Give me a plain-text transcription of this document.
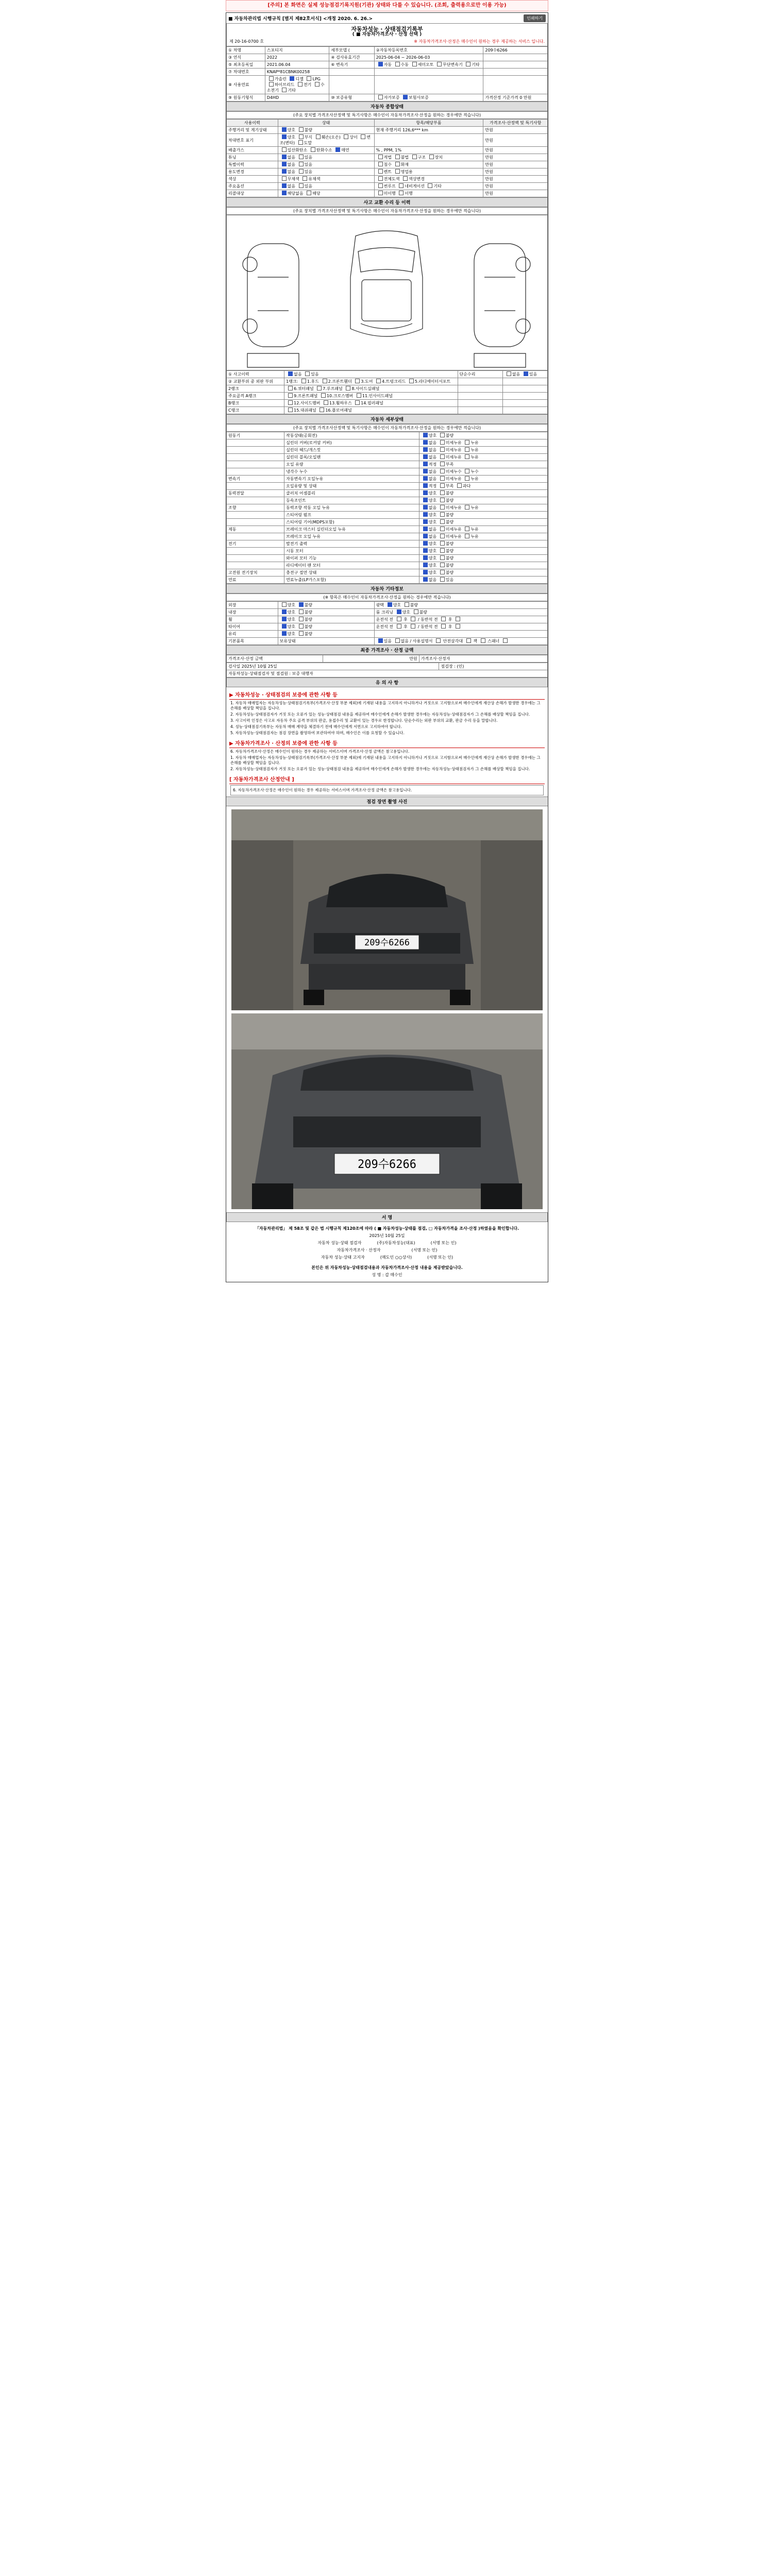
[주의] 본 화면은 실제 성능점검기록지원(기관) 상태와 다를 수 있습니다. (조회, 출력용으로만 이용 가능)
■ 자동차관리법 시행규칙 [별지 제82호서식] <개정 2020. 6. 26.>	인쇄하기
자동차성능 · 상태점검기록부
( ■ 자동차가격조사 · 산정 선택 )
제 20-16-0700 호	※ 자동차가격조사·산정은 매수인이 원하는 경우 제공하는 서비스 입니다.
① 차명	스포티지	세부모델 (	②자동차등록번호	209수6266
③ 연식	2022	④ 검사유효기간	2025-06-04 ~ 2026-06-03	
⑤ 최초등록일	2021.06.04	⑥ 변속기	자동 수동 세미오토 무단변속기 기타	
⑦ 차대번호	KNAP*81CBNK00258			
⑧ 사용연료	가솔린 디젤 LPG 하이브리드 전기 수소전기 기타			
⑨ 원동기형식	D4HD	⑩ 보증유형	자가보증 보험사보증	가격산정 기준가격 0 만원
자동차 종합상태
(주요 장치별 가격조사산정액 및 특기사항은 매수인이 자동차가격조사·산정을 원하는 경우에만 적습니다)
사용이력	상태	항목/해당부품	가격조사·산정액 및 특기사항
주행거리 및 계기상태	양호 불량	현재 주행거리 126,6*** km	만원
차대번호 표기	양호 부식 훼손(오손) 상이 변조(변타) 도말		만원
배출가스	일산화탄소 탄화수소 매연	% , PPM, 1%	만원
튜닝	없음 있음	적법 불법 구조 장치	만원
특별이력	없음 있음	침수 화재	만원
용도변경	없음 있음	렌트 영업용	만원
색상	무채색 유채색	전체도색 색상변경	만원
주요옵션	없음 있음	썬루프 네비게이션 기타	만원
리콜대상	해당없음 해당	미이행 이행	만원
사고 교환 수리 등 이력
(주요 장치별 가격조사산정액 및 특기사항은 매수인이 자동차가격조사·산정을 원하는 경우에만 적습니다)
① 사고이력	없음 있음	단순수리	없음 있음
② 교환부위 중 외판 부위	1랭크: 1.후드 2.프론트휀더 3.도어 4.트렁크리드 5.라디에이터서포트		
2랭크	6.쿼터패널 7.루프패널 8.사이드실패널		
주요골격 A랭크	9.프론트패널 10.크로스멤버 11.인사이드패널		
B랭크	12.사이드멤버 13.휠하우스 14.필러패널		
C랭크	15.대쉬패널 16.플로어패널		
자동차 세부상태
(주요 장치별 가격조사산정액 및 특기사항은 매수인이 자동차가격조사·산정을 원하는 경우에만 적습니다)
원동기	작동상태(공회전)	양호 불량
	실린더 커버(로커암 커버)	없음 미세누유 누유
	실린더 헤드/개스킷	없음 미세누유 누유
	실린더 블록/오일팬	없음 미세누유 누유
	오일 유량	적정 부족
	냉각수 누수	없음 미세누수 누수
변속기	자동변속기 오일누유	없음 미세누유 누유
	오일유량 및 상태	적정 부족 과다
동력전달	클러치 어셈블리	양호 불량
	등속조인트	양호 불량
조향	동력조향 작동 오일 누유	없음 미세누유 누유
	스티어링 펌프	양호 불량
	스티어링 기어(MDPS포함)	양호 불량
제동	브레이크 마스터 실린더오일 누유	없음 미세누유 누유
	브레이크 오일 누유	없음 미세누유 누유
전기	발전기 출력	양호 불량
	시동 모터	양호 불량
	와이퍼 모터 기능	양호 불량
	라디에이터 팬 모터	양호 불량
고전원 전기장치	충전구 절연 상태	양호 불량
연료	연료누출(LP가스포함)	없음 있음
자동차 기타정보
(※ 항목은 매수인이 자동차가격조사·산정을 원하는 경우에만 적습니다)
외장	양호 불량	광택 양호 불량
내장	양호 불량	룸 크리닝 양호 불량
휠	양호 불량	운전석 전  후  / 동반석 전  후
타이어	양호 불량	운전석 전  후  / 동반석 전  후
유리	양호 불량	
기본품목	보유상태	있음 없음 / 사용설명서  안전삼각대  잭  스패너
최종 가격조사 · 산정 금액
가격조사·산정 금액	만원	가격조사·산정자
검사일 2025년 10월 25일	점검장 : (인)
자동차성능·상태점검자 및 점검원 : 보증 대행자
유 의 사 항
▶ 자동차성능 · 상태점검의 보증에 관한 사항 등

1. 자동차 매매업자는 자동차성능·상태점검기록부(가격조사·산정 부분 제외)에 기재된 내용을 고지하지 아니하거나 거짓으로 고지함으로써 매수인에게 재산상 손해가 발생한 경우에는 그 손해를 배상할 책임을 집니다.

2. 자동차성능·상태점검자가 거짓 또는 오류가 있는 성능·상태점검 내용을 제공하여 매수인에게 손해가 발생한 경우에는 자동차성능·상태점검자가 그 손해를 배상할 책임을 집니다.

3. 사고이력 인정은 사고로 자동차 주요 골격 부위의 판금, 용접수리 및 교환이 있는 경우로 한정합니다. 단순수리는 외판 부위의 교환, 판금 수리 등을 말합니다.

4. 성능·상태점검기록부는 자동차 매매 계약을 체결하기 전에 매수인에게 서면으로 고지하여야 합니다.

5. 자동차성능·상태점검자는 점검 장면을 촬영하여 보관하여야 하며, 매수인은 이를 요청할 수 있습니다.

▶ 자동차가격조사 · 산정의 보증에 관한 사항 등

6. 자동차가격조사·산정은 매수인이 원하는 경우 제공하는 서비스이며 가격조사·산정 금액은 참고용입니다.

1. 자동차 매매업자는 자동차성능·상태점검기록부(가격조사·산정 부분 제외)에 기재된 내용을 고지하지 아니하거나 거짓으로 고지함으로써 매수인에게 재산상 손해가 발생한 경우에는 그 손해를 배상할 책임을 집니다.

2. 자동차성능·상태점검자가 거짓 또는 오류가 있는 성능·상태점검 내용을 제공하여 매수인에게 손해가 발생한 경우에는 자동차성능·상태점검자가 그 손해를 배상할 책임을 집니다.

[ 자동차가격조사 산정안내 ]

6. 자동차가격조사·산정은 매수인이 원하는 경우 제공하는 서비스이며 가격조사·산정 금액은 참고용입니다.

점검 장면 촬영 사진
209수6266
209수6266
서 명
「자동차관리법」 제 58조 및 같은 법 시행규칙 제120조에 따라 ( ■ 자동차성능·상태를 점검, □ 자동차가격을 조사·산정 )하였음을 확인합니다.
2025년 10월 25일
자동차 성능·상태 점검자	(주)자동차성능(대표)	(서명 또는 인)
자동차가격조사 · 산정자	(서명 또는 인)
자동차 성능·상태 고지자	(매도인 ○○상사)	(서명 또는 인)
본인은 위 자동차성능·상태점검내용과 자동차가격조사·산정 내용을 제공받았습니다.
성 명 : 갑 매수인
